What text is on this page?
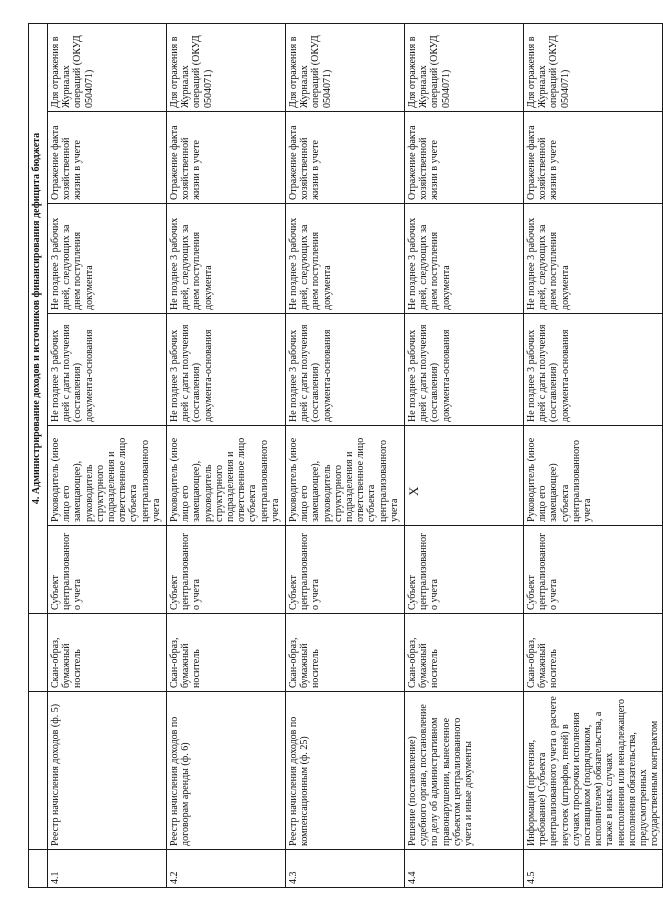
			4. Администрирование доходов и источников финансирования дефицита бюджета					
4.1	Реестр начисления доходов (ф. 5)	Скан-образ, бумажный носитель	Субъект централизованного учета	Руководитель (иное лицо его замещающее), руководитель структурного подразделения и ответственное лицо субъекта централизованного учета	Не позднее 3 рабочих дней с даты получения (составления) документа-основания	Не позднее 3 рабочих дней, следующих за днем поступления документа	Отражение факта хозяйственной жизни в учете	Для отражения в Журналах операций (ОКУД 0504071)
4.2	Реестр начисления доходов по договорам аренды (ф. 6)	Скан-образ, бумажный носитель	Субъект централизованного учета	Руководитель (иное лицо его замещающее), руководитель структурного подразделения и ответственное лицо субъекта централизованного учета	Не позднее 3 рабочих дней с даты получения (составления) документа-основания	Не позднее 3 рабочих дней, следующих за днем поступления документа	Отражение факта хозяйственной жизни в учете	Для отражения в Журналах операций (ОКУД 0504071)
4.3	Реестр начисления доходов по компенсационным (ф. 25)	Скан-образ, бумажный носитель	Субъект централизованного учета	Руководитель (иное лицо его замещающее), руководитель структурного подразделения и ответственное лицо субъекта централизованного учета	Не позднее 3 рабочих дней с даты получения (составления) документа-основания	Не позднее 3 рабочих дней, следующих за днем поступления документа	Отражение факта хозяйственной жизни в учете	Для отражения в Журналах операций (ОКУД 0504071)
4.4	Решение (постановление) судебного органа, постановление по делу об административном правонарушении, вынесенное субъектом централизованного учета и иные документы	Скан-образ, бумажный носитель	Субъект централизованного учета	X	Не позднее 3 рабочих дней с даты получения (составления) документа-основания	Не позднее 3 рабочих дней, следующих за днем поступления документа	Отражение факта хозяйственной жизни в учете	Для отражения в Журналах операций (ОКУД 0504071)
4.5	Информация (претензия, требование) Субъекта централизованного учета о расчете неустоек (штрафов, пеней) в случаях просрочки исполнения поставщиком (подрядчиком, исполнителем) обязательства, а также в иных случаях неисполнения или ненадлежащего исполнения обязательства, предусмотренных государственным контрактом	Скан-образ, бумажный носитель	Субъект централизованного учета	Руководитель (иное лицо его замещающее) субъекта централизованного учета	Не позднее 3 рабочих дней с даты получения (составления) документа-основания	Не позднее 3 рабочих дней, следующих за днем поступления документа	Отражение факта хозяйственной жизни в учете	Для отражения в Журналах операций (ОКУД 0504071)
